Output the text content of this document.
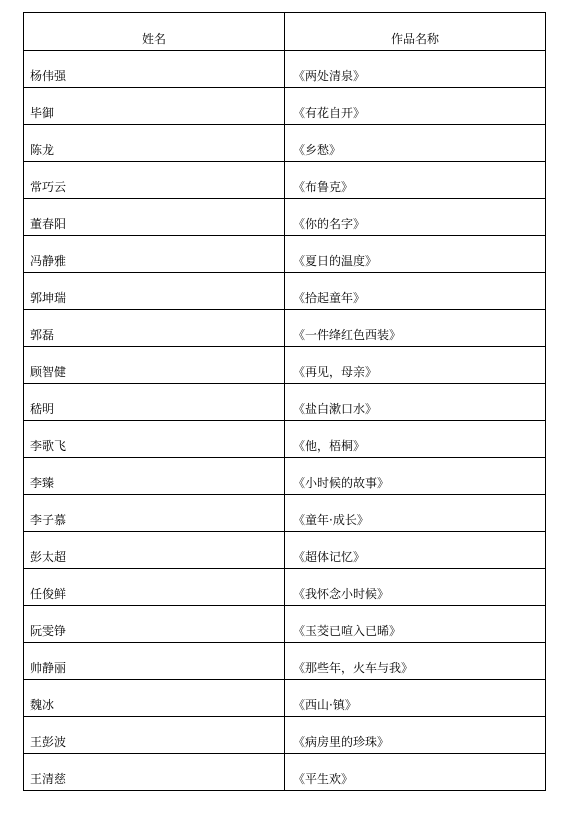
姓名	作品名称
杨伟强	《两处清泉》
毕御	《有花自开》
陈龙	《乡愁》
常巧云	《布鲁克》
董春阳	《你的名字》
冯静雅	《夏日的温度》
郭坤瑞	《拾起童年》
郭磊	《一件绛红色西装》
顾智健	《再见，母亲》
嵇明	《盐白漱口水》
李歌飞	《他，梧桐》
李臻	《小时候的故事》
李子慕	《童年·成长》
彭太超	《超体记忆》
任俊鲜	《我怀念小时候》
阮雯铮	《玉茭已喧入已晞》
帅静丽	《那些年，火车与我》
魏冰	《西山·镇》
王彭波	《病房里的珍珠》
王清慈	《平生欢》
